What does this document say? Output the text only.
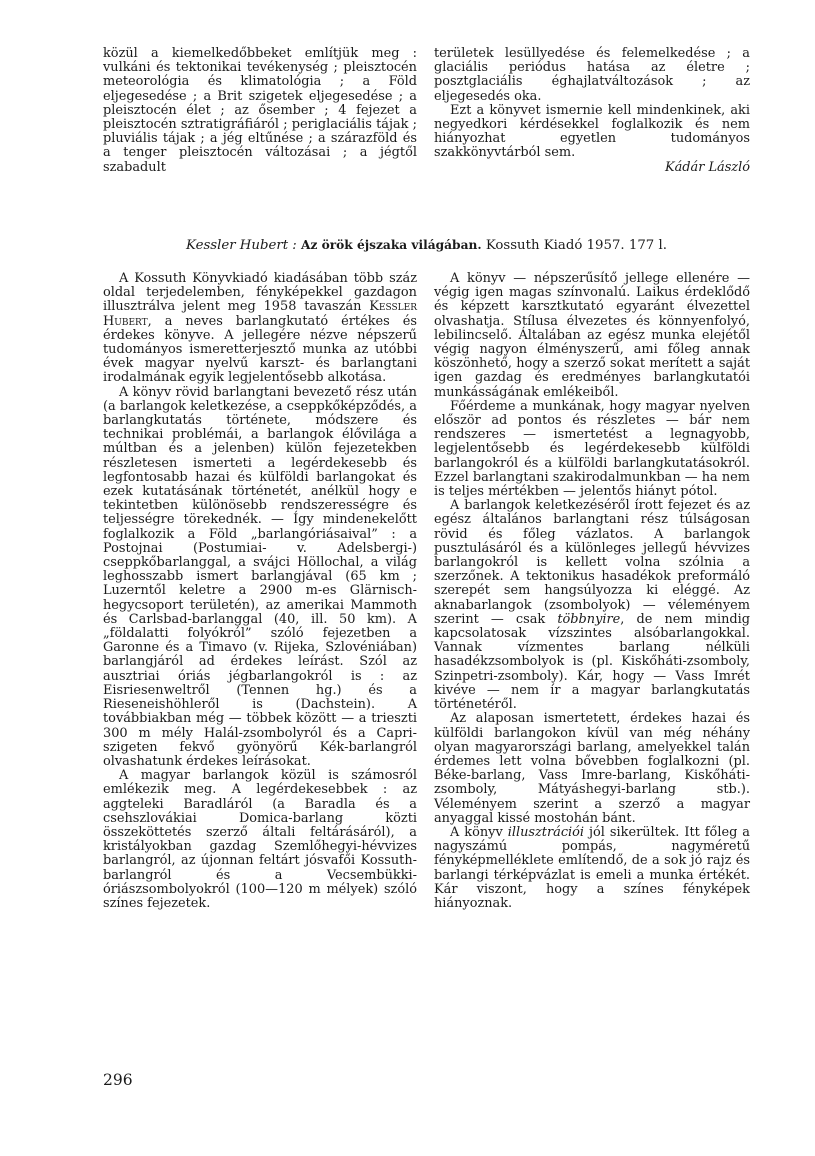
közül a kiemelkedőbbeket említjük meg : vulkáni és tektonikai tevékenység ; pleisztocén meteorológia és klimatológia ; a Föld eljegesedése ; a Brit szigetek eljegesedése ; a pleisztocén élet ; az ősember ; 4 fejezet a pleisztocén sztratigráfiáról ; periglaciális tájak ; pluviális tájak ; a jég eltűnése ; a szárazföld és a tenger pleisztocén változásai ; a jégtől szabadult

területek lesüllyedése és felemelkedése ; a glaciális periódus hatása az életre ; posztglaciális éghajlatváltozások ; az eljegesedés oka.

Ezt a könyvet ismernie kell mindenkinek, aki negyedkori kérdésekkel foglalkozik és nem hiányozhat egyetlen tudományos szakkönyvtárból sem.

Kádár László
Kessler Hubert : Az örök éjszaka világában. Kossuth Kiadó 1957. 177 l.

A Kossuth Könyvkiadó kiadásában több száz oldal terjedelemben, fényképekkel gazdagon illusztrálva jelent meg 1958 tavaszán Kessler Hubert, a neves barlangkutató értékes és érdekes könyve. A jellegére nézve népszerű tudományos ismeretterjesztő munka az utóbbi évek magyar nyelvű karszt- és barlangtani irodalmának egyik legjelentősebb alkotása.

A könyv rövid barlangtani bevezető rész után (a barlangok keletkezése, a cseppkőképződés, a barlangkutatás története, módszere és technikai problémái, a barlangok élővilága a múltban és a jelenben) külön fejezetekben részletesen ismerteti a legérdekesebb és legfontosabb hazai és külföldi barlangokat és ezek kutatásának történetét, anélkül hogy e tekintetben különösebb rendszerességre és teljességre törekednék. — Így mindenekelőtt foglalkozik a Föld „barlangóriásaival” : a Postojnai (Postumiai- v. Adelsbergi-) cseppkőbarlanggal, a svájci Höllochal, a világ leghosszabb ismert barlangjával (65 km ; Luzerntől keletre a 2900 m-es Glärnisch-hegycsoport területén), az amerikai Mammoth és Carlsbad-barlanggal (40, ill. 50 km). A „földalatti folyókról” szóló fejezetben a Garonne és a Timavo (v. Rijeka, Szlovéniában) barlangjáról ad érdekes leírást. Szól az ausztriai óriás jégbarlangokról is : az Eisriesenweltről (Tennen hg.) és a Rieseneishöhleről is (Dachstein). A továbbiakban még — többek között — a trieszti 300 m mély Halál-zsombolyról és a Capri-szigeten fekvő gyönyörű Kék-barlangról olvashatunk érdekes leírásokat.

A magyar barlangok közül is számosról emlékezik meg. A legérdekesebbek : az aggteleki Baradláról (a Baradla és a csehszlovákiai Domica-barlang közti összeköttetés szerző általi feltárásáról), a kristályokban gazdag Szemlőhegyi-hévvizes barlangról, az újonnan feltárt jósvafői Kossuth-barlangról és a Vecsembükki-óriászsombolyokról (100—120 m mélyek) szóló színes fejezetek.

A könyv — népszerűsítő jellege ellenére — végig igen magas színvonalú. Laikus érdeklődő és képzett karsztkutató egyaránt élvezettel olvashatja. Stílusa élvezetes és könnyenfolyó, lebilincselő. Általában az egész munka elejétől végig nagyon élményszerű, ami főleg annak köszönhető, hogy a szerző sokat merített a saját igen gazdag és eredményes barlangkutatói munkásságának emlékeiből.

Főérdeme a munkának, hogy magyar nyelven először ad pontos és részletes — bár nem rendszeres — ismertetést a legnagyobb, legjelentősebb és legérdekesebb külföldi barlangokról és a külföldi barlangkutatásokról. Ezzel barlangtani szakirodalmunkban — ha nem is teljes mértékben — jelentős hiányt pótol.

A barlangok keletkezéséről írott fejezet és az egész általános barlangtani rész túlságosan rövid és főleg vázlatos. A barlangok pusztulásáról és a különleges jellegű hévvizes barlangokról is kellett volna szólnia a szerzőnek. A tektonikus hasadékok preformáló szerepét sem hangsúlyozza ki eléggé. Az aknabarlangok (zsombolyok) — véleményem szerint — csak többnyire, de nem mindig kapcsolatosak vízszintes alsóbarlangokkal. Vannak vízmentes barlang nélküli hasadékzsombolyok is (pl. Kiskőháti-zsomboly, Szinpetri-zsomboly). Kár, hogy — Vass Imrét kivéve — nem ír a magyar barlangkutatás történetéről.

Az alaposan ismertetett, érdekes hazai és külföldi barlangokon kívül van még néhány olyan magyarországi barlang, amelyekkel talán érdemes lett volna bővebben foglalkozni (pl. Béke-barlang, Vass Imre-barlang, Kiskőháti-zsomboly, Mátyáshegyi-barlang stb.). Véleményem szerint a szerző a magyar anyaggal kissé mostohán bánt.

A könyv illusztrációi jól sikerültek. Itt főleg a nagyszámú pompás, nagyméretű fényképmelléklete említendő, de a sok jó rajz és barlangi térképvázlat is emeli a munka értékét. Kár viszont, hogy a színes fényképek hiányoznak.

296
